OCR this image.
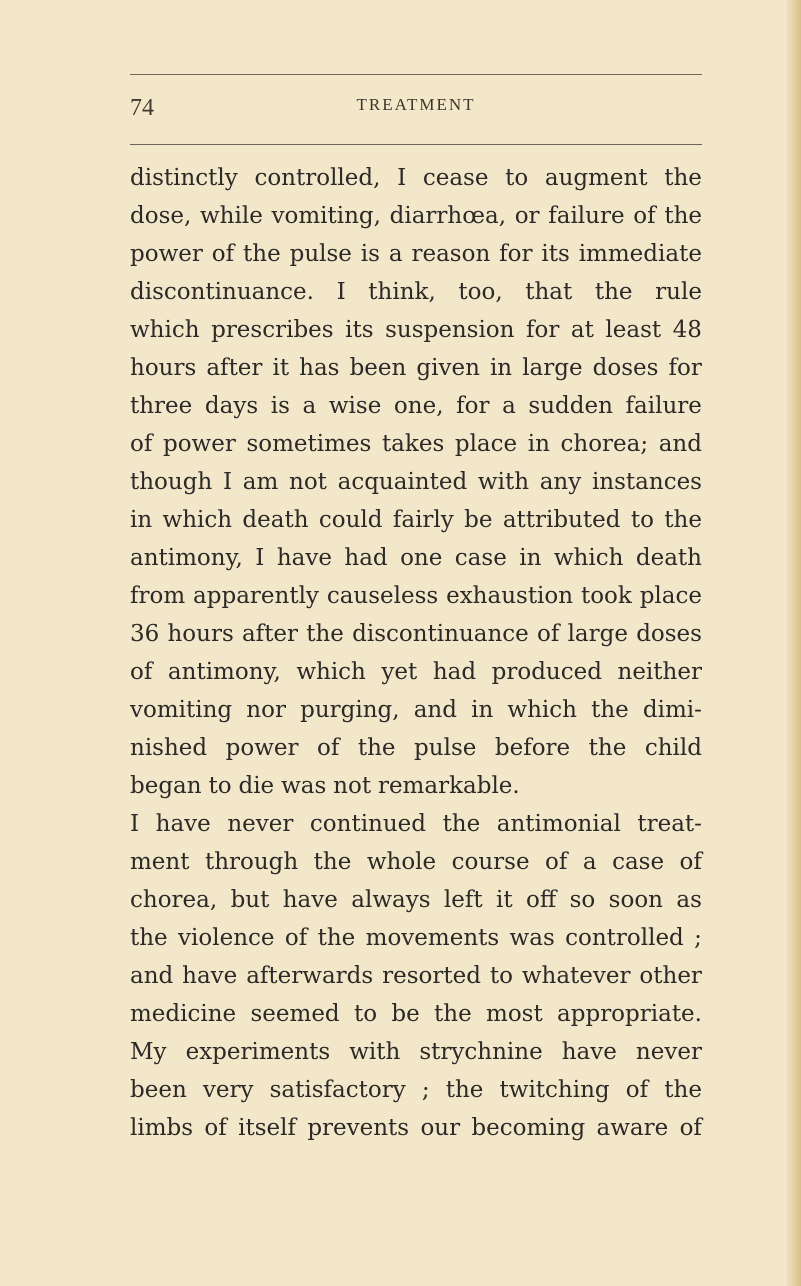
74	TREATMENT
distinctly controlled, I cease to augment the
dose, while vomiting, diarrhœa, or failure of the
power of the pulse is a reason for its immediate
discontinuance. I think, too, that the rule
which prescribes its suspension for at least 48
hours after it has been given in large doses for
three days is a wise one, for a sudden failure
of power sometimes takes place in chorea; and
though I am not acquainted with any instances
in which death could fairly be attributed to the
antimony, I have had one case in which death
from apparently causeless exhaustion took place
36 hours after the discontinuance of large doses
of antimony, which yet had produced neither
vomiting nor purging, and in which the dimi-
nished power of the pulse before the child
began to die was not remarkable.
I have never continued the antimonial treat-
ment through the whole course of a case of
chorea, but have always left it off so soon as
the violence of the movements was controlled ;
and have afterwards resorted to whatever other
medicine seemed to be the most appropriate.
My experiments with strychnine have never
been very satisfactory ; the twitching of the
limbs of itself prevents our becoming aware of
